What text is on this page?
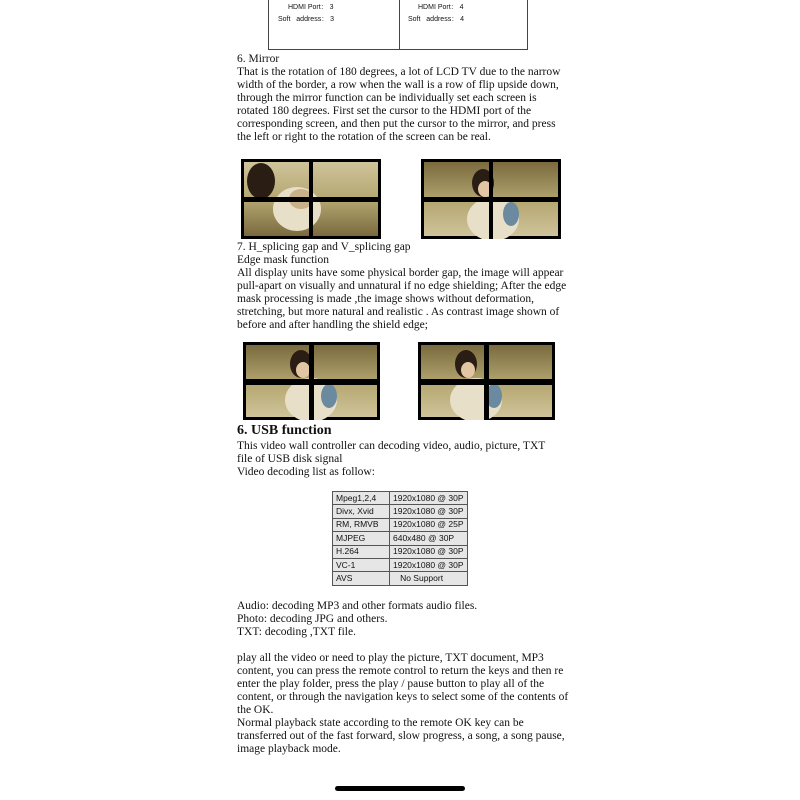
HDMI Port： 3
Soft   address： 3
HDMI Port： 4
Soft   address： 4
6. Mirror
That is the rotation of 180 degrees, a lot of LCD TV due to the narrow
width of the border, a row when the wall is a row of flip upside down,
through the mirror function can be individually set each screen is
rotated 180 degrees. First set the cursor to the HDMI port of the
corresponding screen, and then put the cursor to the mirror, and press
the left or right to the rotation of the screen can be real.
7. H_splicing gap and V_splicing gap
Edge mask function
All display units have some physical border gap, the image will appear
pull-apart on visually and unnatural if no edge shielding; After the edge
mask processing is made ,the image shows without deformation,
stretching, but more natural and realistic . As contrast image shown of
before and after handling the shield edge;
6. USB function
This video wall controller can decoding video, audio, picture, TXT
file of USB disk signal
Video decoding list as follow:
Mpeg1,2,4	1920x1080 @ 30P
Divx, Xvid	1920x1080 @ 30P
RM, RMVB	1920x1080 @ 25P
MJPEG	640x480 @ 30P
H.264	1920x1080 @ 30P
VC-1	1920x1080 @ 30P
AVS	No Support
Audio: decoding MP3 and other formats audio files.
Photo: decoding JPG and others.
TXT: decoding ,TXT file.
play all the video or need to play the picture, TXT document, MP3
content, you can press the remote control to return the keys and then re
enter the play folder, press the play / pause button to play all of the
content, or through the navigation keys to select some of the contents of
the OK.
Normal playback state according to the remote OK key can be
transferred out of the fast forward, slow progress, a song, a song pause,
image playback mode.
